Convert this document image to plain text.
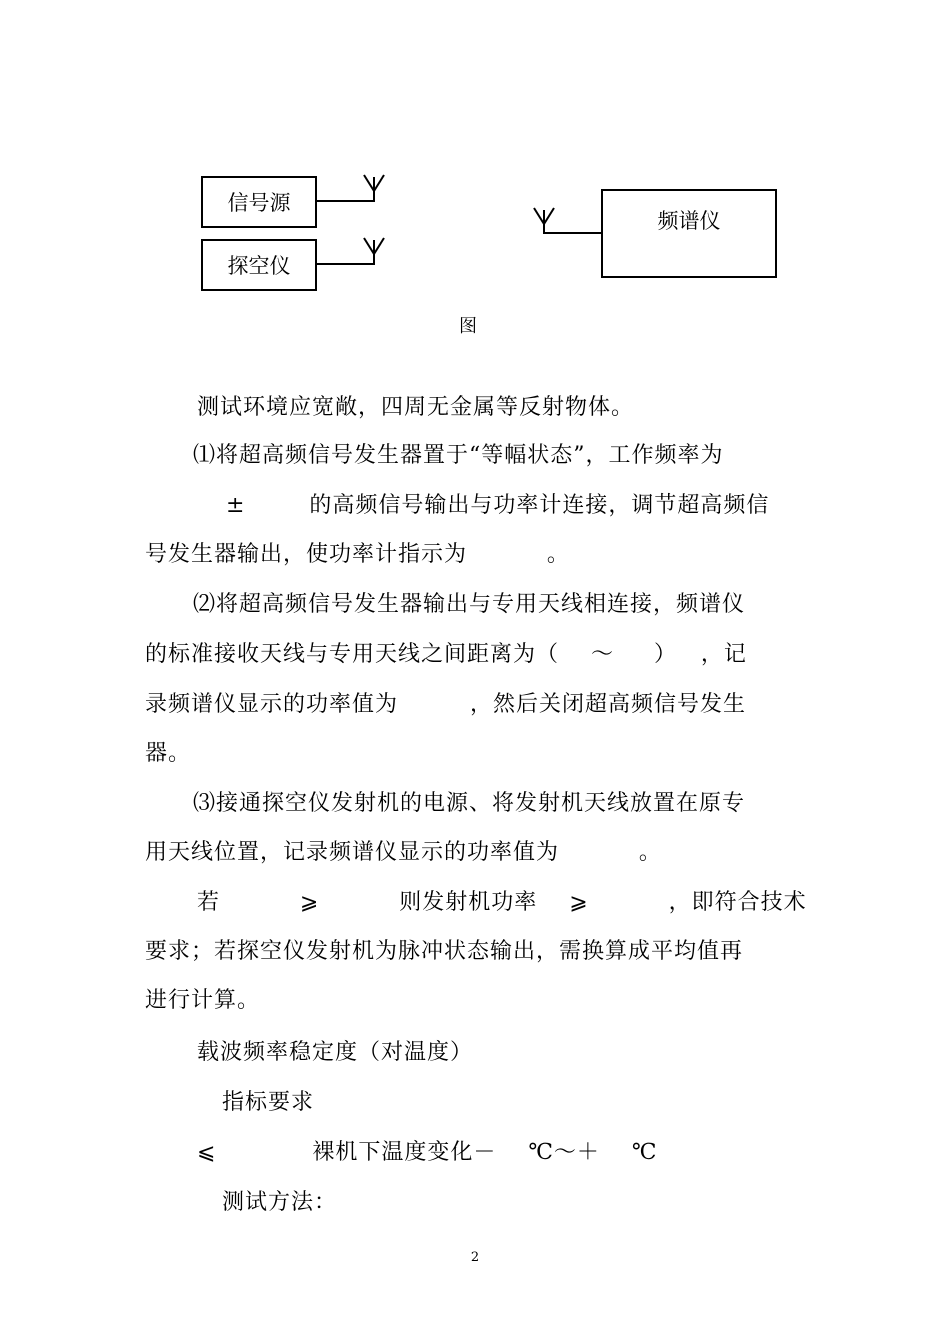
信号源
探空仪
频谱仪
图
测试环境应宽敞，四周无金属等反射物体。
⑴将超高频信号发生器置于“等幅状态”，工作频率为
±        的高频信号输出与功率计连接，调节超高频信
号发生器输出，使功率计指示为          。
⑵将超高频信号发生器输出与专用天线相连接，频谱仪
的标准接收天线与专用天线之间距离为（    ～     ）   ，记
录频谱仪显示的功率值为         ，然后关闭超高频信号发生
器。
⑶接通探空仪发射机的电源、将发射机天线放置在原专
用天线位置，记录频谱仪显示的功率值为          。
若          ⩾          则发射机功率    ⩾          ，即符合技术
要求；若探空仪发射机为脉冲状态输出，需换算成平均值再
进行计算。
载波频率稳定度（对温度）
指标要求
⩽            裸机下温度变化－    ℃～＋    ℃
测试方法：
2
